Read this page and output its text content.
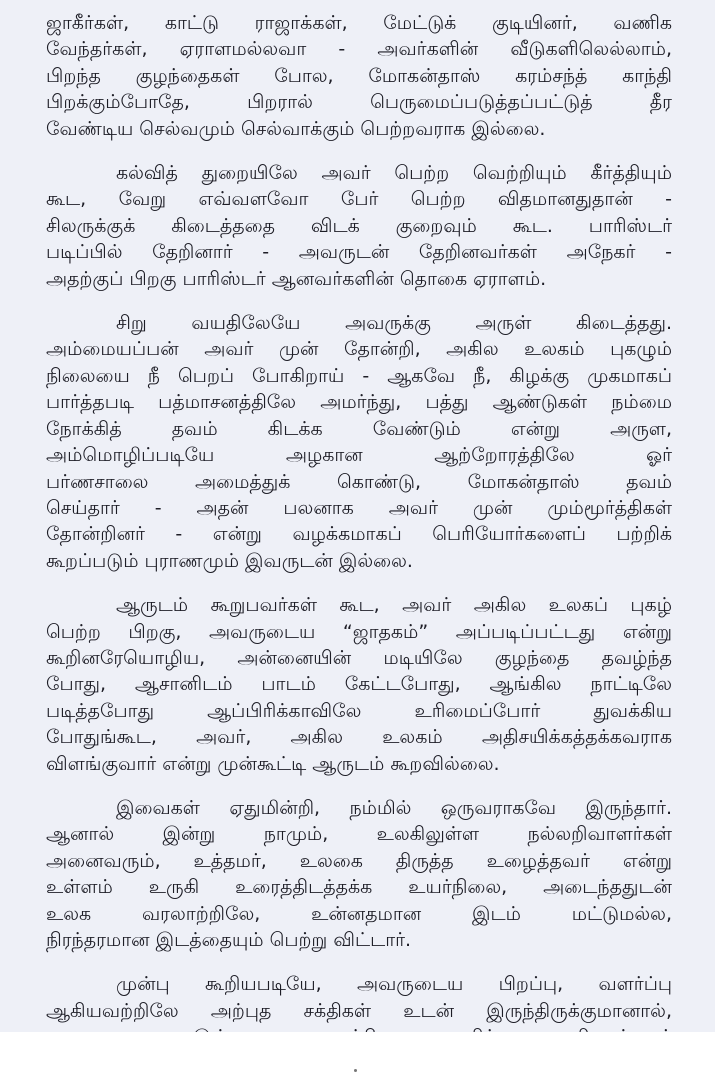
ஜாகீர்கள், காட்டு ராஜாக்கள், மேட்டுக் குடியினர், வணிக
வேந்தர்கள், ஏராளமல்லவா - அவர்களின் வீடுகளிலெல்லாம்,
பிறந்த குழந்தைகள் போல, மோகன்தாஸ் கரம்சந்த் காந்தி
பிறக்கும்போதே, பிறரால் பெருமைப்படுத்தப்பட்டுத் தீர
வேண்டிய செல்வமும் செல்வாக்கும் பெற்றவராக இல்லை.

கல்வித் துறையிலே அவர் பெற்ற வெற்றியும் கீர்த்தியும்
கூட, வேறு எவ்வளவோ பேர் பெற்ற விதமானதுதான் -
சிலருக்குக் கிடைத்ததை விடக் குறைவும் கூட. பாரிஸ்டர்
படிப்பில் தேறினார் - அவருடன் தேறினவர்கள் அநேகர் -
அதற்குப் பிறகு பாரிஸ்டர் ஆனவர்களின் தொகை ஏராளம்.

சிறு வயதிலேயே அவருக்கு அருள் கிடைத்தது.
அம்மையப்பன் அவர் முன் தோன்றி, அகில உலகம் புகழும்
நிலையை நீ பெறப் போகிறாய் - ஆகவே நீ, கிழக்கு முகமாகப்
பார்த்தபடி பத்மாசனத்திலே அமர்ந்து, பத்து ஆண்டுகள் நம்மை
நோக்கித் தவம் கிடக்க வேண்டும் என்று அருள,
அம்மொழிப்படியே அழகான ஆற்றோரத்திலே ஓர்
பர்ணசாலை அமைத்துக் கொண்டு, மோகன்தாஸ் தவம்
செய்தார் - அதன் பலனாக அவர் முன் மும்மூர்த்திகள்
தோன்றினர் - என்று வழக்கமாகப் பெரியோர்களைப் பற்றிக்
கூறப்படும் புராணமும் இவருடன் இல்லை.

ஆருடம் கூறுபவர்கள் கூட, அவர் அகில உலகப் புகழ்
பெற்ற பிறகு, அவருடைய “ஜாதகம்” அப்படிப்பட்டது என்று
கூறினரேயொழிய, அன்னையின் மடியிலே குழந்தை தவழ்ந்த
போது, ஆசானிடம் பாடம் கேட்டபோது, ஆங்கில நாட்டிலே
படித்தபோது ஆப்பிரிக்காவிலே உரிமைப்போர் துவக்கிய
போதுங்கூட, அவர், அகில உலகம் அதிசயிக்கத்தக்கவராக
விளங்குவார் என்று முன்கூட்டி ஆருடம் கூறவில்லை.

இவைகள் ஏதுமின்றி, நம்மில் ஒருவராகவே இருந்தார்.
ஆனால் இன்று நாமும், உலகிலுள்ள நல்லறிவாளர்கள்
அனைவரும், உத்தமர், உலகை திருத்த உழைத்தவர் என்று
உள்ளம் உருகி உரைத்திடத்தக்க உயர்நிலை, அடைந்ததுடன்
உலக வரலாற்றிலே, உன்னதமான இடம் மட்டுமல்ல,
நிரந்தரமான இடத்தையும் பெற்று விட்டார்.

முன்பு கூறியபடியே, அவருடைய பிறப்பு, வளர்ப்பு
ஆகியவற்றிலே அற்புத சக்திகள் உடன் இருந்திருக்குமானால்,
